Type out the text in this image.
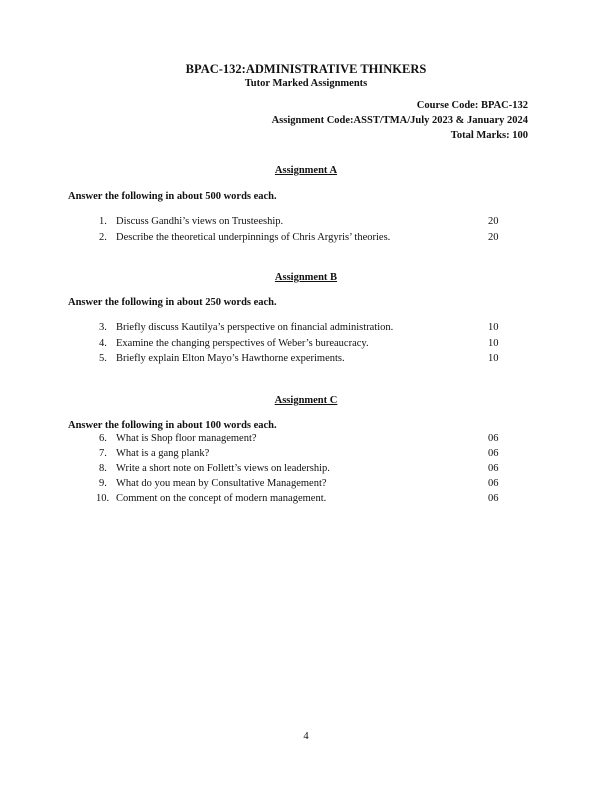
BPAC-132:ADMINISTRATIVE THINKERS
Tutor Marked Assignments
Course Code: BPAC-132
Assignment Code:ASST/TMA/July 2023 & January 2024
Total Marks: 100
Assignment A
Answer the following in about 500 words each.
1. Discuss Gandhi’s views on Trusteeship.	20
2. Describe the theoretical underpinnings of Chris Argyris’ theories.	20
Assignment B
Answer the following in about 250 words each.
3. Briefly discuss Kautilya’s perspective on financial administration.	10
4. Examine the changing perspectives of Weber’s bureaucracy.	10
5. Briefly explain Elton Mayo’s Hawthorne experiments.	10
Assignment C
Answer the following in about 100 words each.
6. What is Shop floor management?	06
7. What is a gang plank?	06
8. Write a short note on Follett’s views on leadership.	06
9. What do you mean by Consultative Management?	06
10. Comment on the concept of modern management.	06
4
